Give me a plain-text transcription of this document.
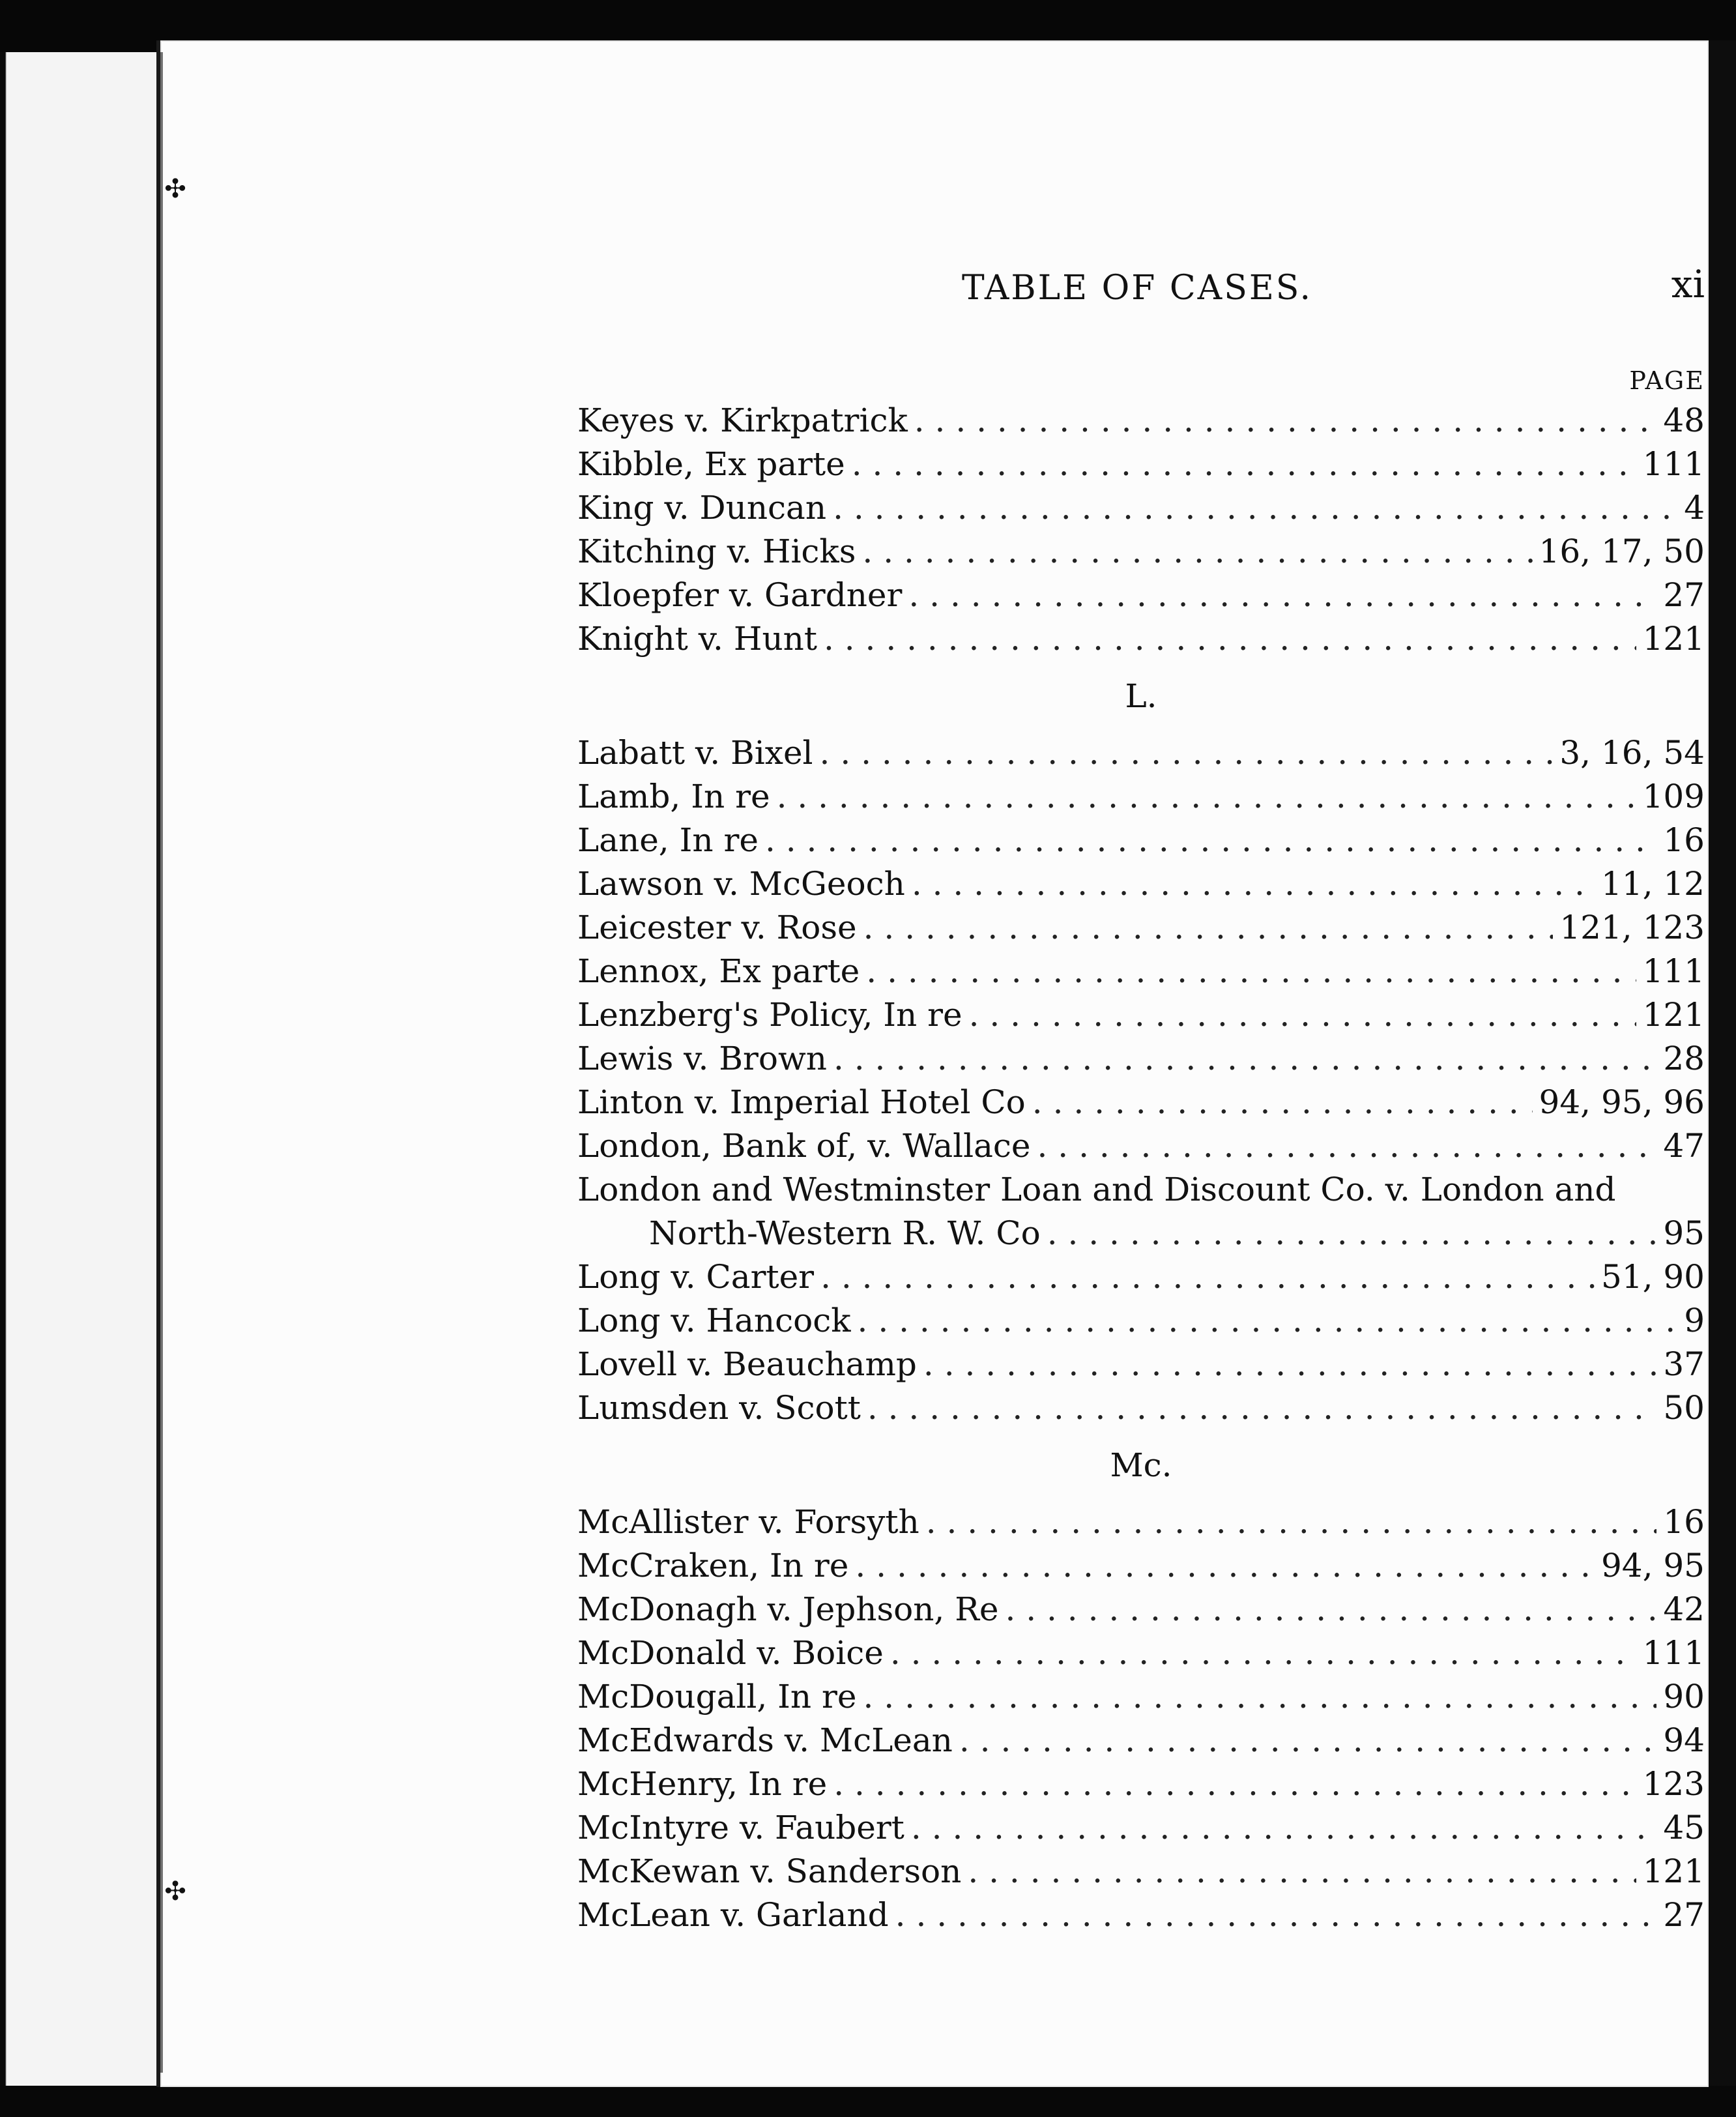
TABLE OF CASES.	xi
PAGE
Keyes v. Kirkpatrick . . .	48
Kibble, Ex parte . . .	111
King v. Duncan . . .	4
Kitching v. Hicks . . .	16, 17, 50
Kloepfer v. Gardner . . .	27
Knight v. Hunt . . .	121
L.
Labatt v. Bixel . . .	3, 16, 54
Lamb, In re . . .	109
Lane, In re . . .	16
Lawson v. McGeoch . . .	11, 12
Leicester v. Rose . . .	121, 123
Lennox, Ex parte . . .	111
Lenzberg's Policy, In re . . .	121
Lewis v. Brown . . .	28
Linton v. Imperial Hotel Co . . .	94, 95, 96
London, Bank of, v. Wallace . . .	47
London and Westminster Loan and Discount Co. v. London and
North-Western R. W. Co . . .	95
Long v. Carter . . .	51, 90
Long v. Hancock . . .	9
Lovell v. Beauchamp . . .	37
Lumsden v. Scott . . .	50
Mc.
McAllister v. Forsyth . . .	16
McCraken, In re . . .	94, 95
McDonagh v. Jephson, Re . . .	42
McDonald v. Boice . . .	111
McDougall, In re . . .	90
McEdwards v. McLean . . .	94
McHenry, In re . . .	123
McIntyre v. Faubert . . .	45
McKewan v. Sanderson . . .	121
McLean v. Garland . . .	27
✣
✣
